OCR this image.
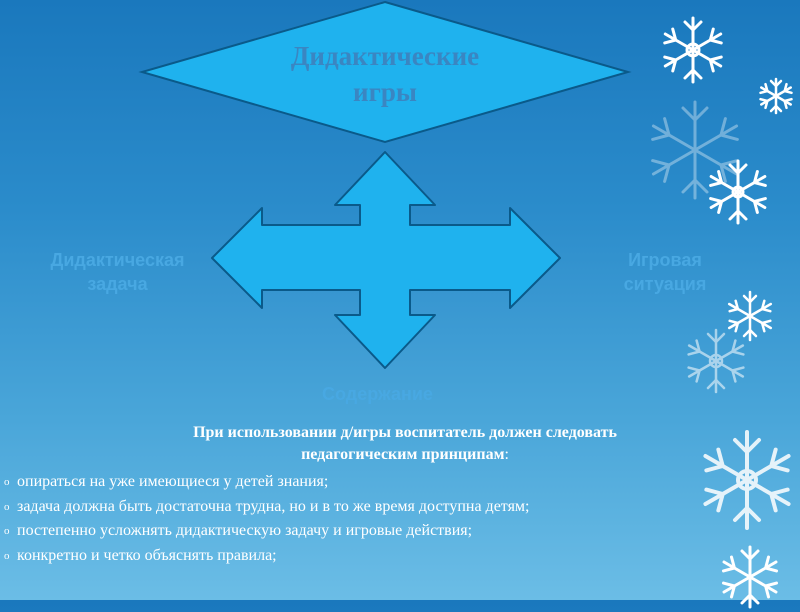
Дидактические
игры
Дидактическая
задача
Игровая
ситуация
Содержание
При использовании д/игры воспитатель должен следовать
педагогическим принципам:
o опираться на уже имеющиеся у детей знания;
o задача должна быть достаточна трудна, но и в то же время доступна детям;
o постепенно усложнять дидактическую задачу и игровые действия;
o конкретно и четко объяснять правила;
